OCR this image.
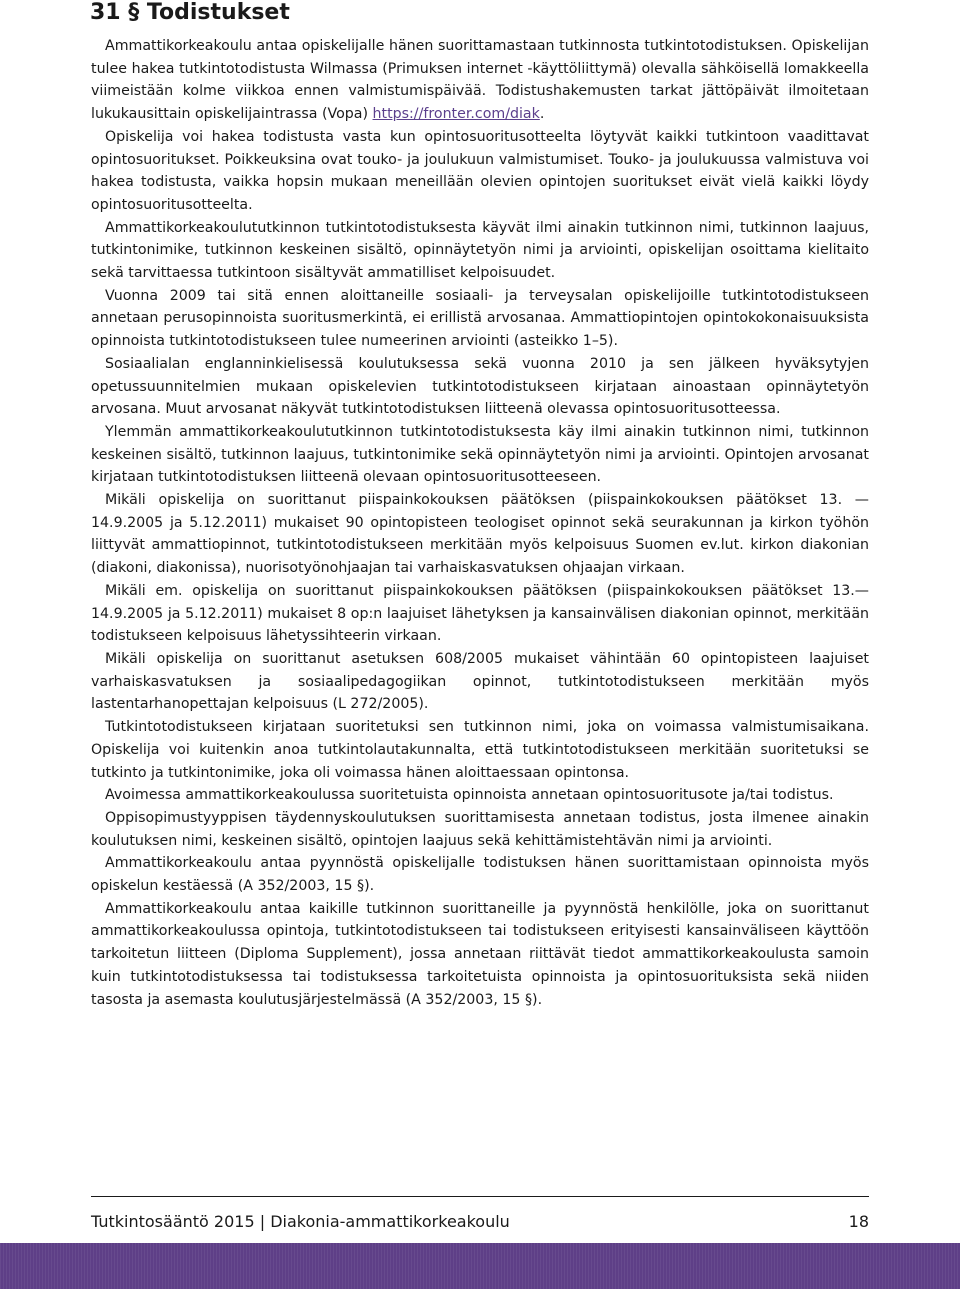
31 § Todistukset

Ammattikorkeakoulu antaa opiskelijalle hänen suorittamastaan tutkinnosta tutkintotodistuksen. Opiskelijan tulee hakea tutkintotodistusta Wilmassa (Primuksen internet -käyttöliittymä) olevalla sähköisellä lomakkeella viimeistään kolme viikkoa ennen valmistumispäivää. Todistushakemusten tarkat jättöpäivät ilmoitetaan lukukausittain opiskelijaintrassa (Vopa) https://fronter.com/diak.

Opiskelija voi hakea todistusta vasta kun opintosuoritusotteelta löytyvät kaikki tutkintoon vaadittavat opintosuoritukset. Poikkeuksina ovat touko- ja joulukuun valmistumiset. Touko- ja joulukuussa valmistuva voi hakea todistusta, vaikka hopsin mukaan meneillään olevien opintojen suoritukset eivät vielä kaikki löydy opintosuoritusotteelta.

Ammattikorkeakoulututkinnon tutkintotodistuksesta käyvät ilmi ainakin tutkinnon nimi, tutkinnon laajuus, tutkintonimike, tutkinnon keskeinen sisältö, opinnäytetyön nimi ja arviointi, opiskelijan osoittama kielitaito sekä tarvittaessa tutkintoon sisältyvät ammatilliset kelpoisuudet.

Vuonna 2009 tai sitä ennen aloittaneille sosiaali- ja terveysalan opiskelijoille tutkintotodistukseen annetaan perusopinnoista suoritusmerkintä, ei erillistä arvosanaa. Ammattiopintojen opintokokonaisuuksista opinnoista tutkintotodistukseen tulee numeerinen arviointi (asteikko 1–5).

Sosiaalialan englanninkielisessä koulutuksessa sekä vuonna 2010 ja sen jälkeen hyväksytyjen opetussuunnitelmien mukaan opiskelevien tutkintotodistukseen kirjataan ainoastaan opinnäytetyön arvosana. Muut arvosanat näkyvät tutkintotodistuksen liitteenä olevassa opintosuoritusotteessa.

Ylemmän ammattikorkeakoulututkinnon tutkintotodistuksesta käy ilmi ainakin tutkinnon nimi, tutkinnon keskeinen sisältö, tutkinnon laajuus, tutkintonimike sekä opinnäytetyön nimi ja arviointi. Opintojen arvosanat kirjataan tutkintotodistuksen liitteenä olevaan opintosuoritusotteeseen.

Mikäli opiskelija on suorittanut piispainkokouksen päätöksen (piispainkokouksen päätökset 13. — 14.9.2005 ja 5.12.2011) mukaiset 90 opintopisteen teologiset opinnot sekä seurakunnan ja kirkon työhön liittyvät ammattiopinnot, tutkintotodistukseen merkitään myös kelpoisuus Suomen ev.lut. kirkon diakonian (diakoni, diakonissa), nuorisotyönohjaajan tai varhaiskasvatuksen ohjaajan virkaan.

Mikäli em. opiskelija on suorittanut piispainkokouksen päätöksen (piispainkokouksen päätökset 13.— 14.9.2005 ja 5.12.2011) mukaiset 8 op:n laajuiset lähetyksen ja kansainvälisen diakonian opinnot, merkitään todistukseen kelpoisuus lähetyssihteerin virkaan.

Mikäli opiskelija on suorittanut asetuksen 608/2005 mukaiset vähintään 60 opintopisteen laajuiset varhaiskasvatuksen ja sosiaalipedagogiikan opinnot, tutkintotodistukseen merkitään myös lastentarhanopettajan kelpoisuus (L 272/2005).

Tutkintotodistukseen kirjataan suoritetuksi sen tutkinnon nimi, joka on voimassa valmistumisaikana. Opiskelija voi kuitenkin anoa tutkintolautakunnalta, että tutkintotodistukseen merkitään suoritetuksi se tutkinto ja tutkintonimike, joka oli voimassa hänen aloittaessaan opintonsa.

Avoimessa ammattikorkeakoulussa suoritetuista opinnoista annetaan opintosuoritusote ja/tai todistus.

Oppisopimustyyppisen täydennyskoulutuksen suorittamisesta annetaan todistus, josta ilmenee ainakin koulutuksen nimi, keskeinen sisältö, opintojen laajuus sekä kehittämistehtävän nimi ja arviointi.

Ammattikorkeakoulu antaa pyynnöstä opiskelijalle todistuksen hänen suorittamistaan opinnoista myös opiskelun kestäessä (A 352/2003, 15 §).

Ammattikorkeakoulu antaa kaikille tutkinnon suorittaneille ja pyynnöstä henkilölle, joka on suorittanut ammattikorkeakoulussa opintoja, tutkintotodistukseen tai todistukseen erityisesti kansainväliseen käyttöön tarkoitetun liitteen (Diploma Supplement), jossa annetaan riittävät tiedot ammattikorkeakoulusta samoin kuin tutkintotodistuksessa tai todistuksessa tarkoitetuista opinnoista ja opintosuorituksista sekä niiden tasosta ja asemasta koulutusjärjestelmässä (A 352/2003, 15 §).

Tutkintosääntö 2015 | Diakonia-ammattikorkeakoulu	18
